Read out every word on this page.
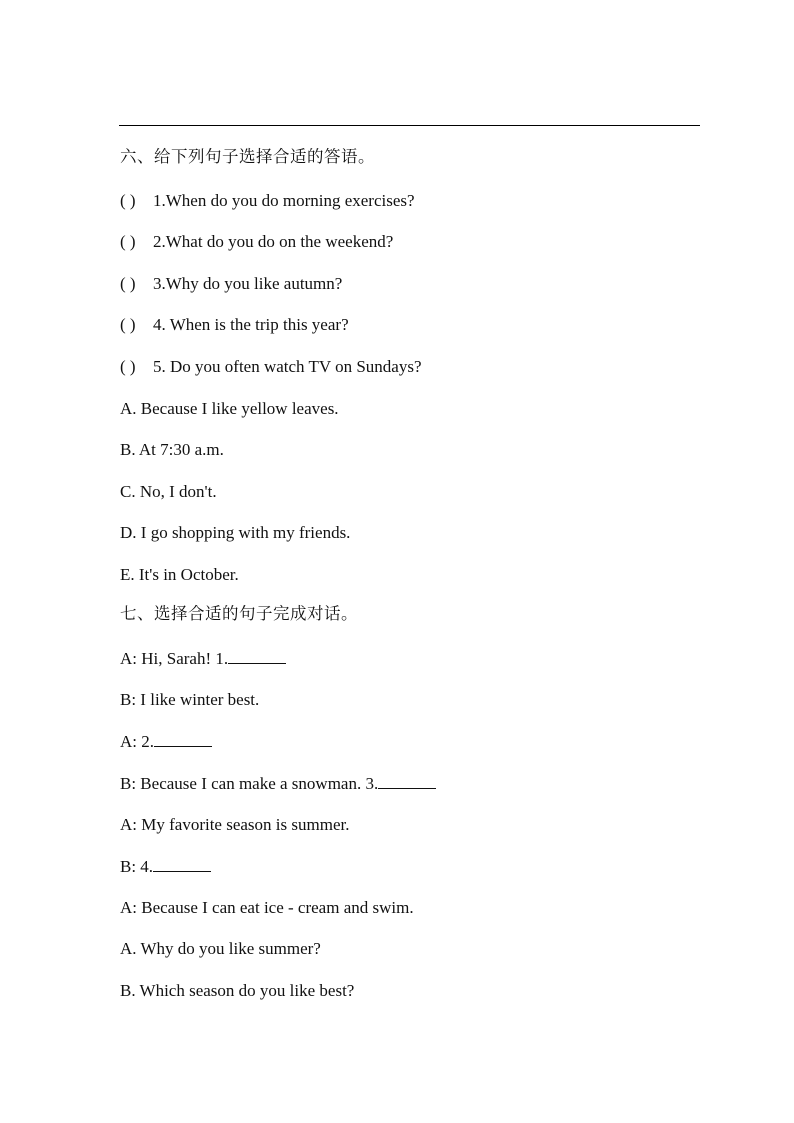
六、给下列句子选择合适的答语。
( ) 1.When do you do morning exercises?
( ) 2.What do you do on the weekend?
( ) 3.Why do you like autumn?
( ) 4. When is the trip this year?
( ) 5. Do you often watch TV on Sundays?
A. Because I like yellow leaves.
B. At 7:30 a.m.
C. No, I don't.
D. I go shopping with my friends.
E. It's in October.
七、选择合适的句子完成对话。
A: Hi, Sarah! 1.
B: I like winter best.
A: 2.
B: Because I can make a snowman. 3.
A: My favorite season is summer.
B: 4.
A: Because I can eat ice - cream and swim.
A. Why do you like summer?
B. Which season do you like best?
